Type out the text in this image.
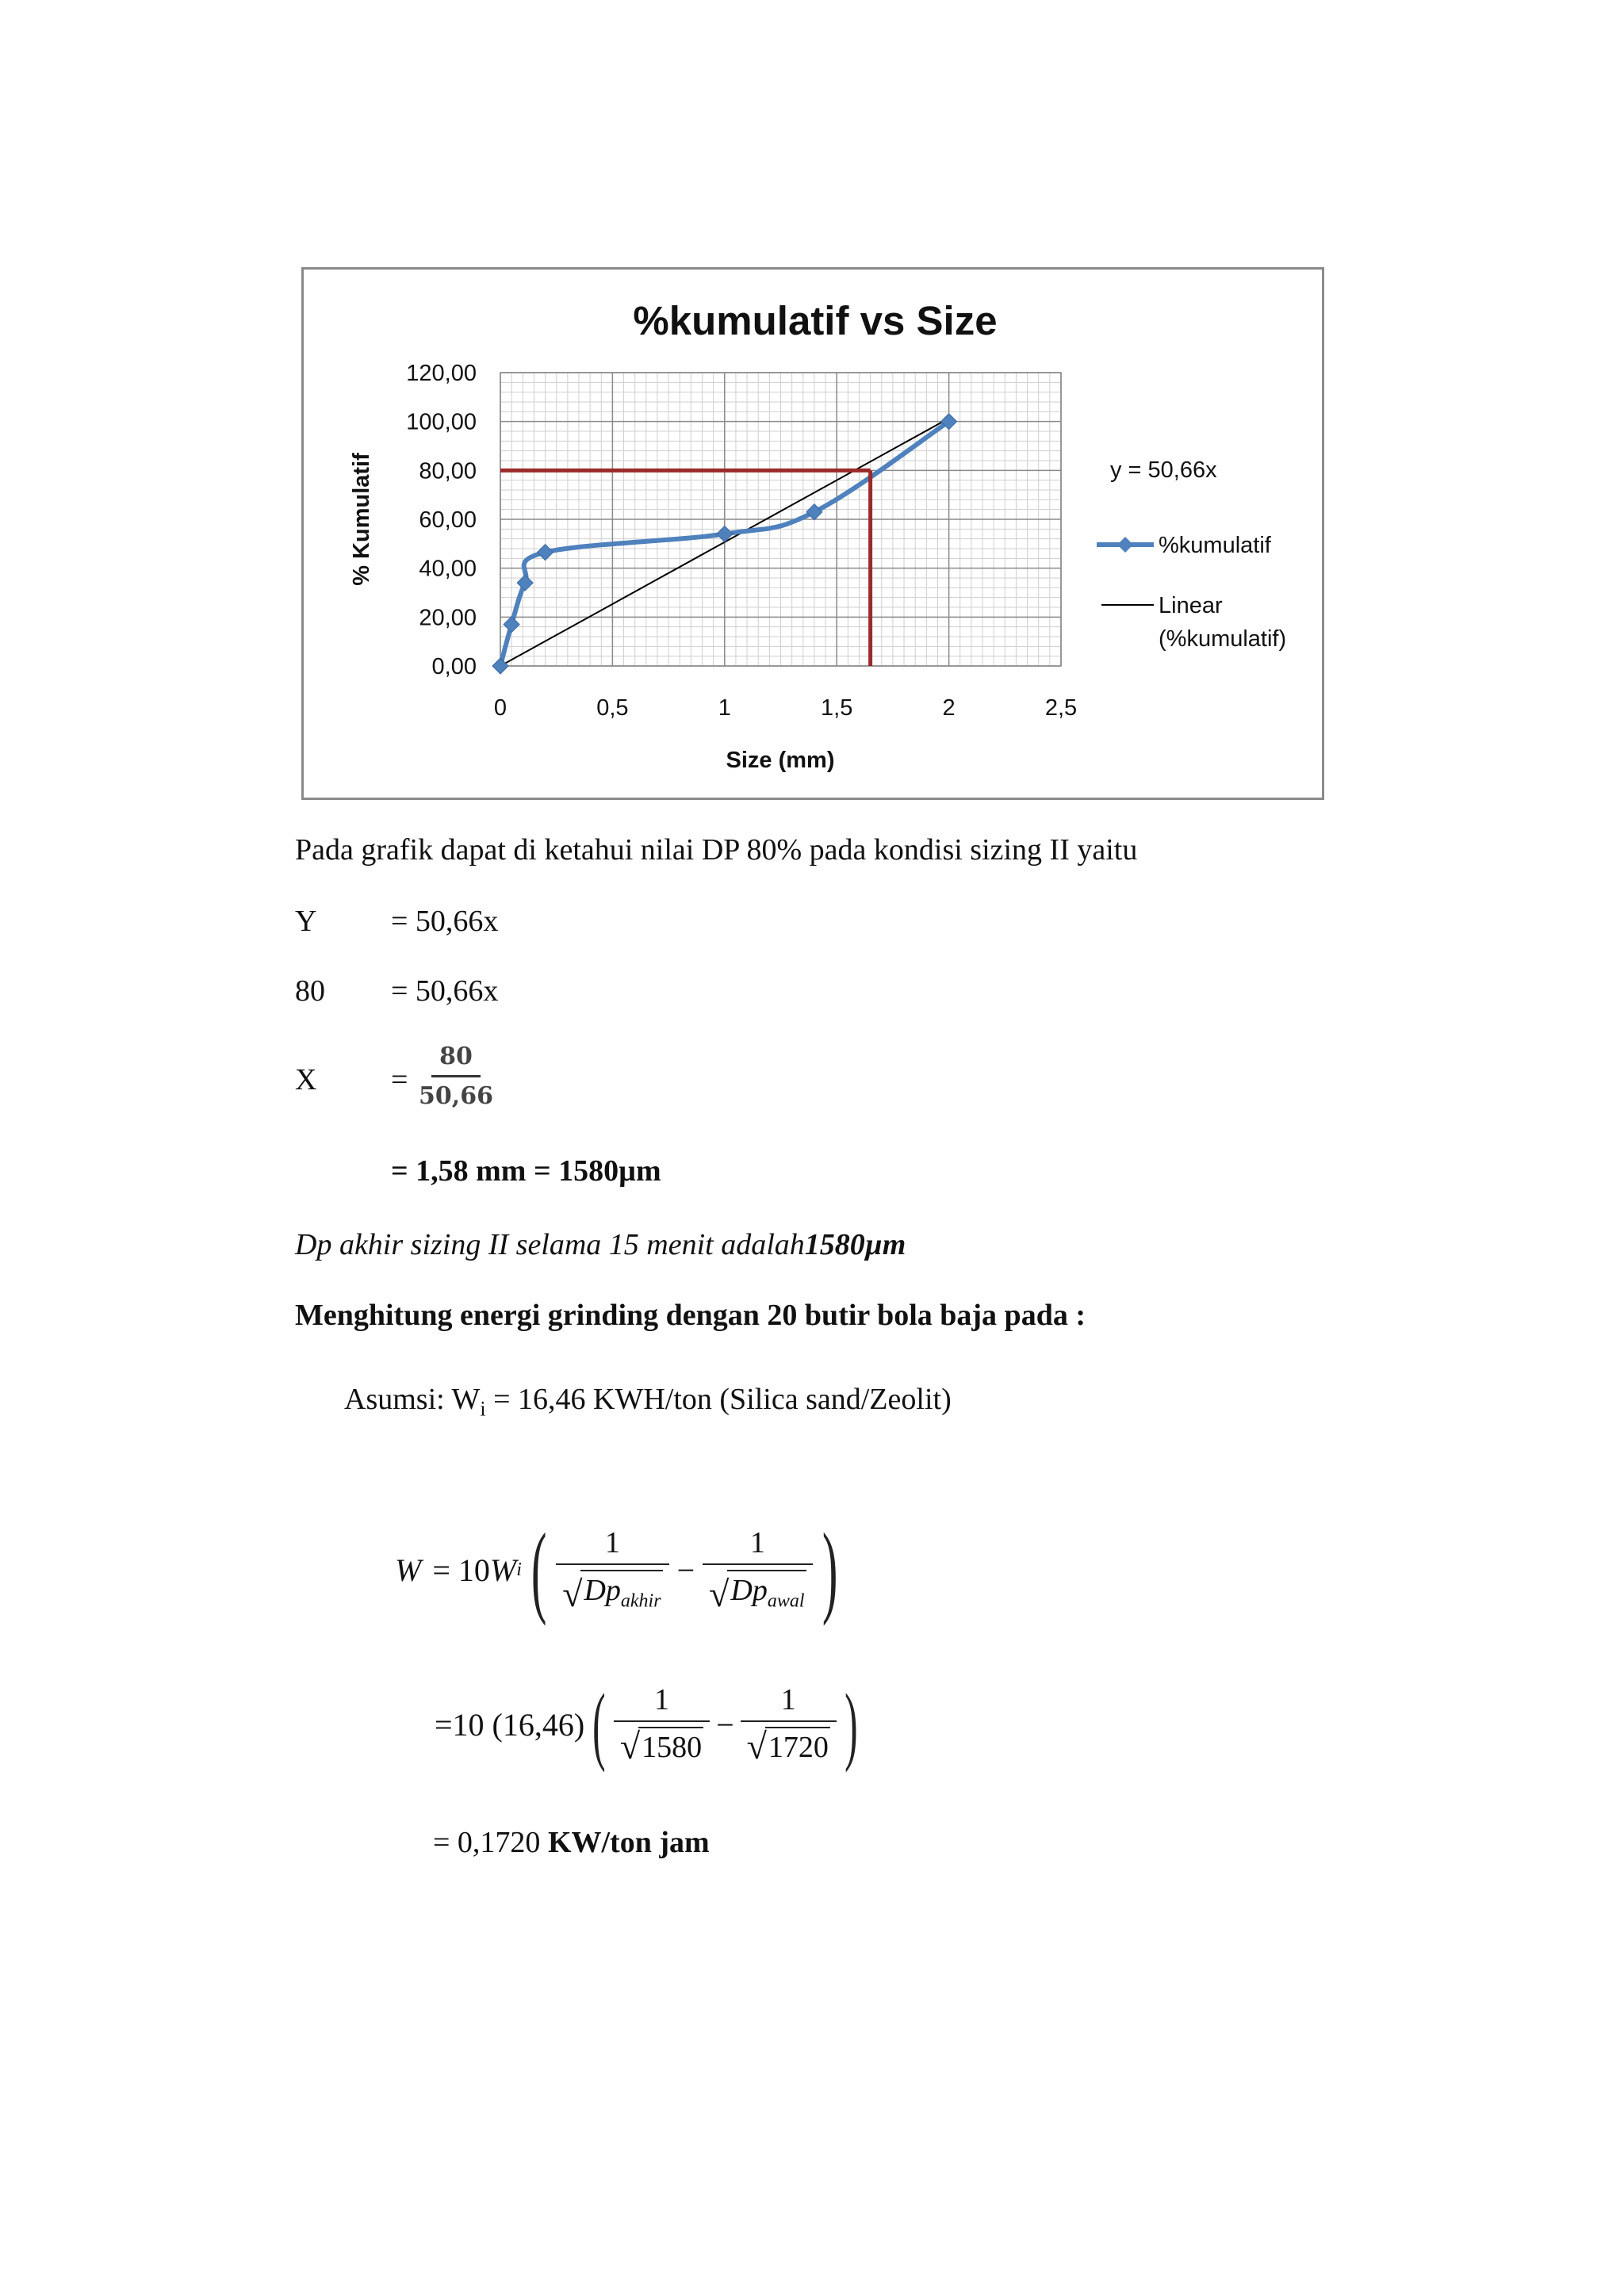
0	0,5	1	1,5	2	2,5
0,00
20,00
40,00
60,00
80,00
100,00
120,00
%kumulatif vs Size
Size (mm)
% Kumulatif	y = 50,66x
%kumulatif
Linear
(%kumulatif)
Pada grafik dapat di ketahui nilai DP 80% pada kondisi sizing II yaitu
Y = 50,66x
80 = 50,66x
$X = \frac{80}{50,66}$
= 1,58 mm = 1580µm
Dp akhir sizing II selama 15 menit adalah1580µm
Menghitung energi grinding dengan 20 butir bola baja pada :
Asumsi: $W_i = 16,46$ KWH/ton (Silica sand/Zeolit)
W = 10 W i ( 1
√ $Dp_{akhir}$
−
1
√ $Dp_{awal}$ )
=10 (16,46) ( $\frac{1}{√ 1580} - \frac{1}{√ 1720}$ )
= 0,1720 KW/ton jam
